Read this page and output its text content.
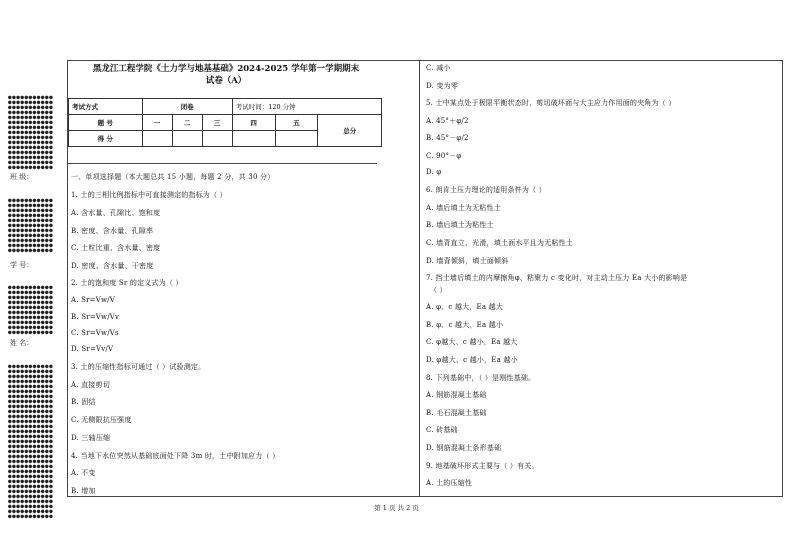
●●●●●●●●●●●
●●●●●●●●●●●
●●●●●●●●●●●
●●●●●●●●●●●
●●●●●●●●●●●
●●●●●●●●●●●
●●●●●●●●●●●
●●●●●●●●●●●
●●●●●●●●●●●
●●●●●●●●●●●
●●●●●●●●●●●
●●●●●●●●●●●
●●●●●●●●●●●
●●●●●●●●●●●
●●●●●●●●●●●
班 级：
●●●●●●●●●●●
●●●●●●●●●●●
●●●●●●●●●●●
●●●●●●●●●●●
●●●●●●●●●●●
●●●●●●●●●●●
●●●●●●●●●●●
●●●●●●●●●●●
●●●●●●●●●●●
●●●●●●●●●●●
●●●●●●●●●●●
学 号：
●●●●●●●●●●●
●●●●●●●●●●●
●●●●●●●●●●●
●●●●●●●●●●●
●●●●●●●●●●●
●●●●●●●●●●●
●●●●●●●●●●●
●●●●●●●●●●●
●●●●●●●●●●●
●●●●●●●●●●●
姓 名：
●●●●●●●●●●●
●●●●●●●●●●●
●●●●●●●●●●●
●●●●●●●●●●●
●●●●●●●●●●●
●●●●●●●●●●●
●●●●●●●●●●●
●●●●●●●●●●●
●●●●●●●●●●●
●●●●●●●●●●●
●●●●●●●●●●●
●●●●●●●●●●●
●●●●●●●●●●●
●●●●●●●●●●●
●●●●●●●●●●●
●●●●●●●●●●●
●●●●●●●●●●●
●●●●●●●●●●●
●●●●●●●●●●●
●●●●●●●●●●●
●●●●●●●●●●●
●●●●●●●●●●●
●●●●●●●●●●●
●●●●●●●●●●●
●●●●●●●●●●●
●●●●●●●●●●●
●●●●●●●●●●●
●●●●●●●●●●●
●●●●●●●●●●●
●●●●●●●●●●●
●●●●●●●●●●●
黑龙江工程学院《土力学与地基基础》2024-2025 学年第一学期期末
试卷（A）
考试方式	闭卷			考试时间：120 分钟		
题 号	一	二	三	四	五	总分
得 分						
一、单项选择题（本大题总共 15 小题，每题 2 分，共 30 分）
1. 土的三相比例指标中可直接测定的指标为（ ）
A. 含水量、孔隙比、饱和度
B. 密度、含水量、孔隙率
C. 土粒比重、含水量、密度
D. 密度、含水量、干密度
2. 土的饱和度 Sr 的定义式为（ ）
A. Sr=Vw/V
B. Sr=Vw/Vv
C. Sr=Vw/Vs
D. Sr=Vv/V
3. 土的压缩性指标可通过（ ）试验测定。
A. 直接剪切
B. 固结
C. 无侧限抗压强度
D. 三轴压缩
4. 当地下水位突然从基础底面处下降 3m 时，土中附加应力（ ）
A. 不变
B. 增加
C. 减小
D. 变为零
5. 土中某点处于极限平衡状态时，剪切破坏面与大主应力作用面的夹角为（ ）
A. 45°＋φ/2
B. 45°－φ/2
C. 90°－φ
D. φ
6. 朗肯土压力理论的适用条件为（ ）
A. 墙后填土为无粘性土
B. 墙后填土为粘性土
C. 墙背直立、光滑，填土面水平且为无粘性土
D. 墙背倾斜，填土面倾斜
7. 挡土墙后填土的内摩擦角φ、粘聚力 c 变化时，对主动土压力 Ea 大小的影响是
（ ）
A. φ、c 越大，Ea 越大
B. φ、c 越大，Ea 越小
C. φ越大、c 越小，Ea 越大
D. φ越大、c 越小，Ea 越小
8. 下列基础中，（ ）是刚性基础。
A. 钢筋混凝土基础
B. 毛石混凝土基础
C. 砖基础
D. 钢筋混凝土条形基础
9. 地基破坏形式主要与（ ）有关。
A. 土的压缩性
第 1 页 共 2 页
